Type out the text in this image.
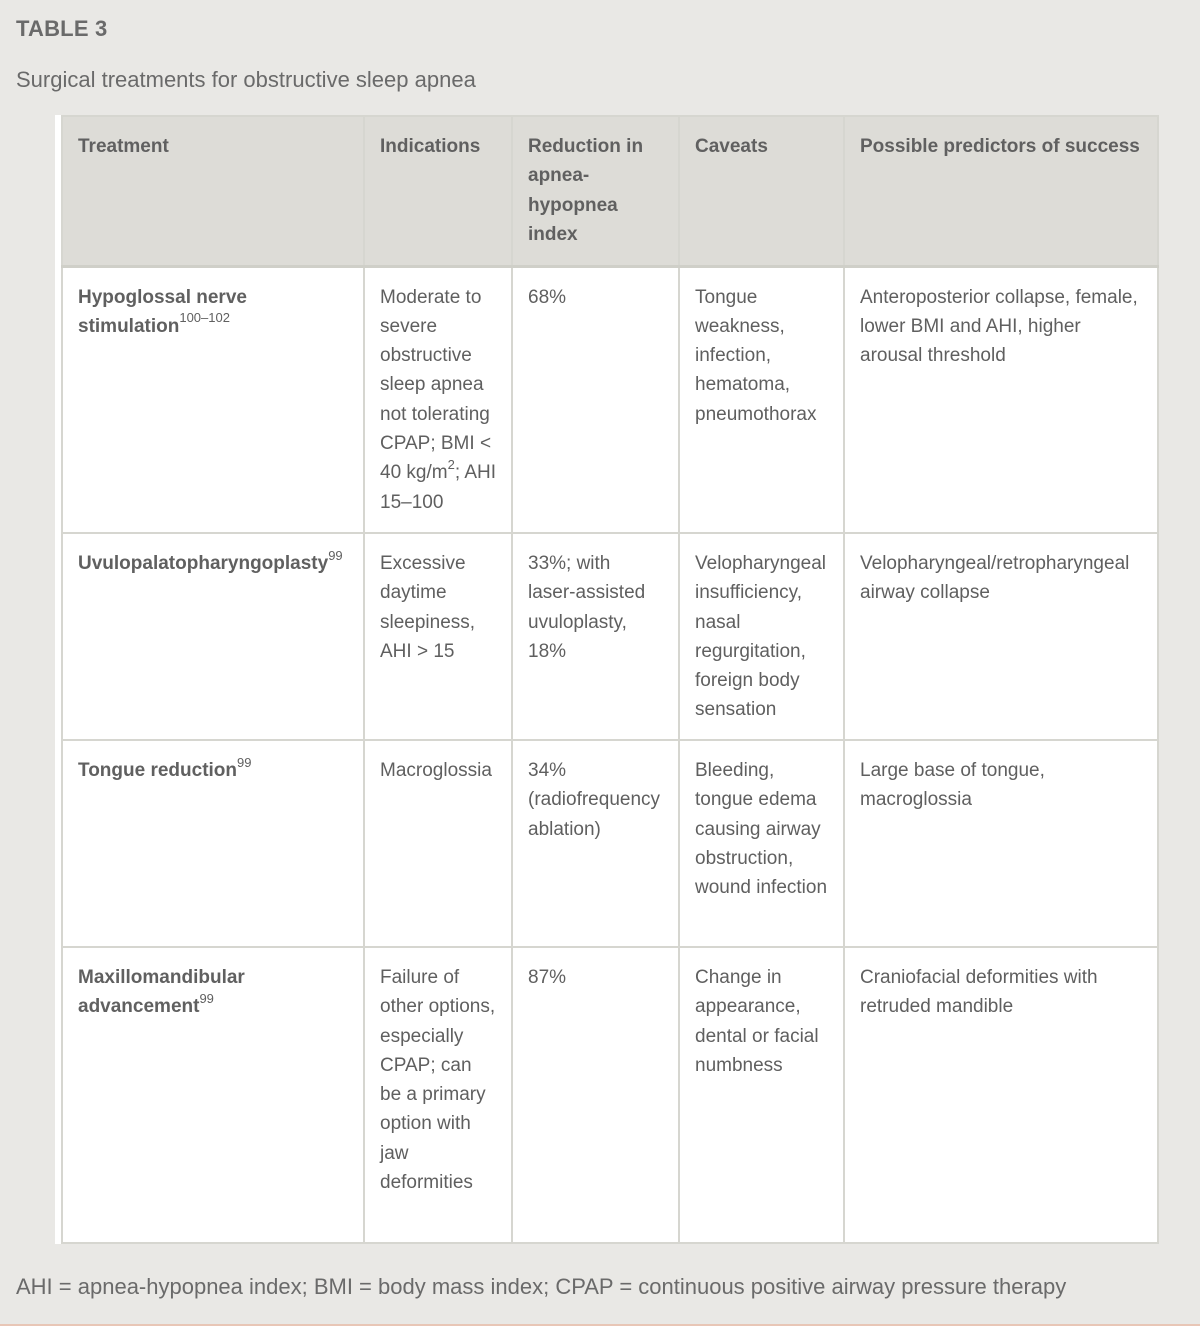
TABLE 3
Surgical treatments for obstructive sleep apnea
Treatment	Indications	Reduction in apnea-hypopnea index	Caveats	Possible predictors of success
Hypoglossal nerve stimulation$^{100-102}$	Moderate to severe obstructive sleep apnea not tolerating CPAP; BMI < 40 $kg/m^2$; AHI 15–100	68%	Tongue weakness, infection, hematoma, pneumothorax	Anteroposterior collapse, female, lower BMI and AHI, higher arousal threshold
Uvulopalatopharyngoplasty$^{99}$	Excessive daytime sleepiness, AHI > 15	33%; with laser-assisted uvuloplasty, 18%	Velopharyngeal insufficiency, nasal regurgitation, foreign body sensation	Velopharyngeal/retropharyngeal airway collapse
Tongue reduction$^{99}$	Macroglossia	34% (radiofrequency ablation)	Bleeding, tongue edema causing airway obstruction, wound infection	Large base of tongue, macroglossia
Maxillomandibular advancement$^{99}$	Failure of other options, especially CPAP; can be a primary option with jaw deformities	87%	Change in appearance, dental or facial numbness	Craniofacial deformities with retruded mandible
AHI = apnea-hypopnea index; BMI = body mass index; CPAP = continuous positive airway pressure therapy
